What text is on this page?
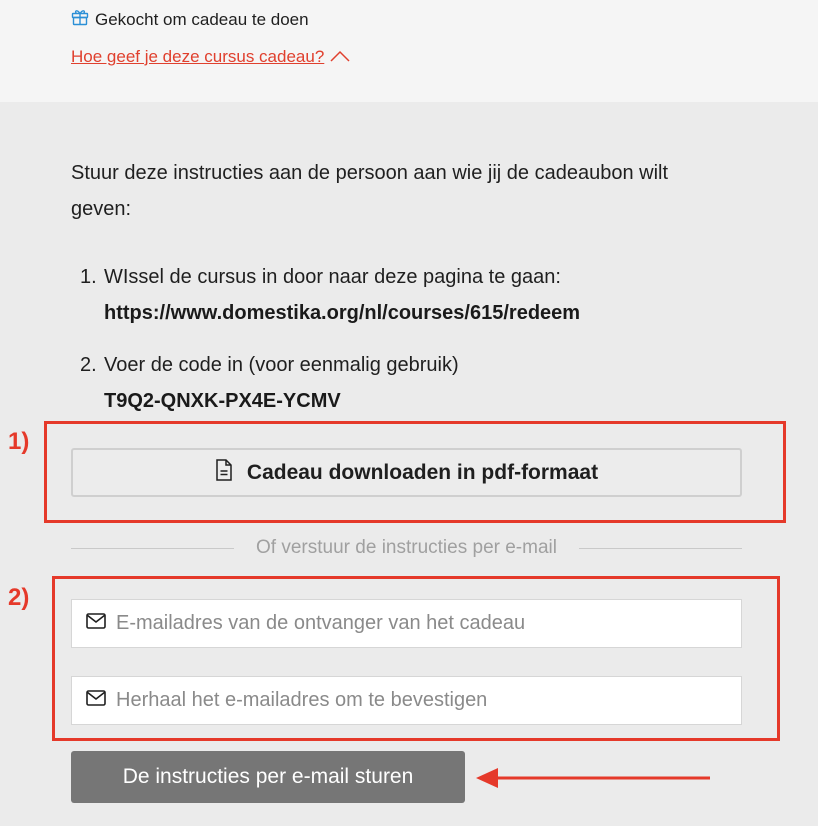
Gekocht om cadeau te doen
Hoe geef je deze cursus cadeau?
Stuur deze instructies aan de persoon aan wie jij de cadeaubon wilt geven:
1. WIssel de cursus in door naar deze pagina te gaan:
https://www.domestika.org/nl/courses/615/redeem
2. Voer de code in (voor eenmalig gebruik)
T9Q2-QNXK-PX4E-YCMV
1)
Cadeau downloaden in pdf-formaat
Of verstuur de instructies per e-mail
2)
E-mailadres van de ontvanger van het cadeau
Herhaal het e-mailadres om te bevestigen
De instructies per e-mail sturen
